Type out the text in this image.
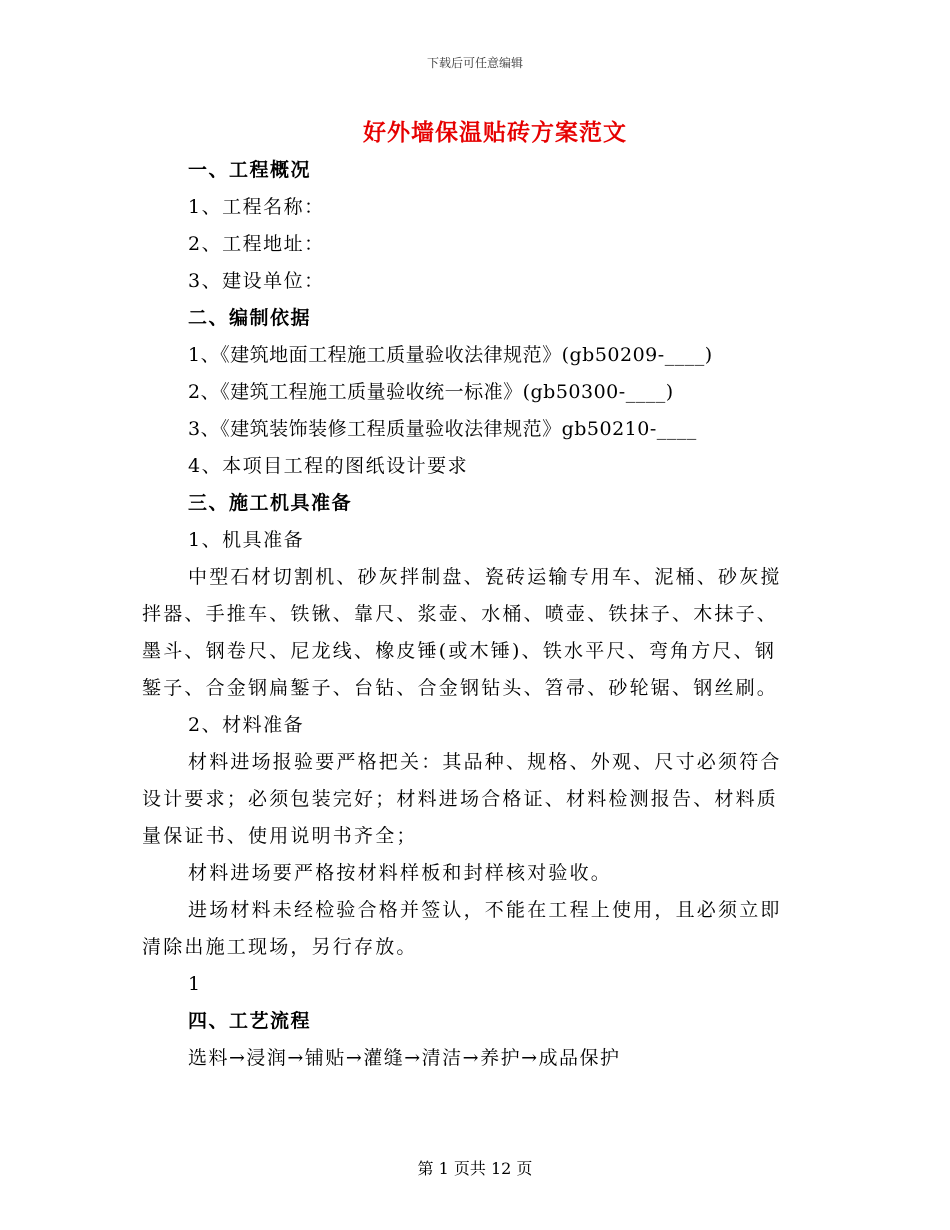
下载后可任意编辑
好外墙保温贴砖方案范文
一、工程概况
1、工程名称：
2、工程地址：
3、建设单位：
二、编制依据
1、《建筑地面工程施工质量验收法律规范》(gb50209-____)
2、《建筑工程施工质量验收统一标准》(gb50300-____)
3、《建筑装饰装修工程质量验收法律规范》gb50210-____
4、本项目工程的图纸设计要求
三、施工机具准备
1、机具准备
中型石材切割机、砂灰拌制盘、瓷砖运输专用车、泥桶、砂灰搅
拌器、手推车、铁锹、靠尺、浆壶、水桶、喷壶、铁抹子、木抹子、
墨斗、钢卷尺、尼龙线、橡皮锤(或木锤)、铁水平尺、弯角方尺、钢
錾子、合金钢扁錾子、台钻、合金钢钻头、笤帚、砂轮锯、钢丝刷。
2、材料准备
材料进场报验要严格把关：其品种、规格、外观、尺寸必须符合
设计要求；必须包装完好；材料进场合格证、材料检测报告、材料质
量保证书、使用说明书齐全；
材料进场要严格按材料样板和封样核对验收。
进场材料未经检验合格并签认，不能在工程上使用，且必须立即
清除出施工现场，另行存放。
1
四、工艺流程
选料→浸润→铺贴→灌缝→清洁→养护→成品保护
第 1 页共 12 页
